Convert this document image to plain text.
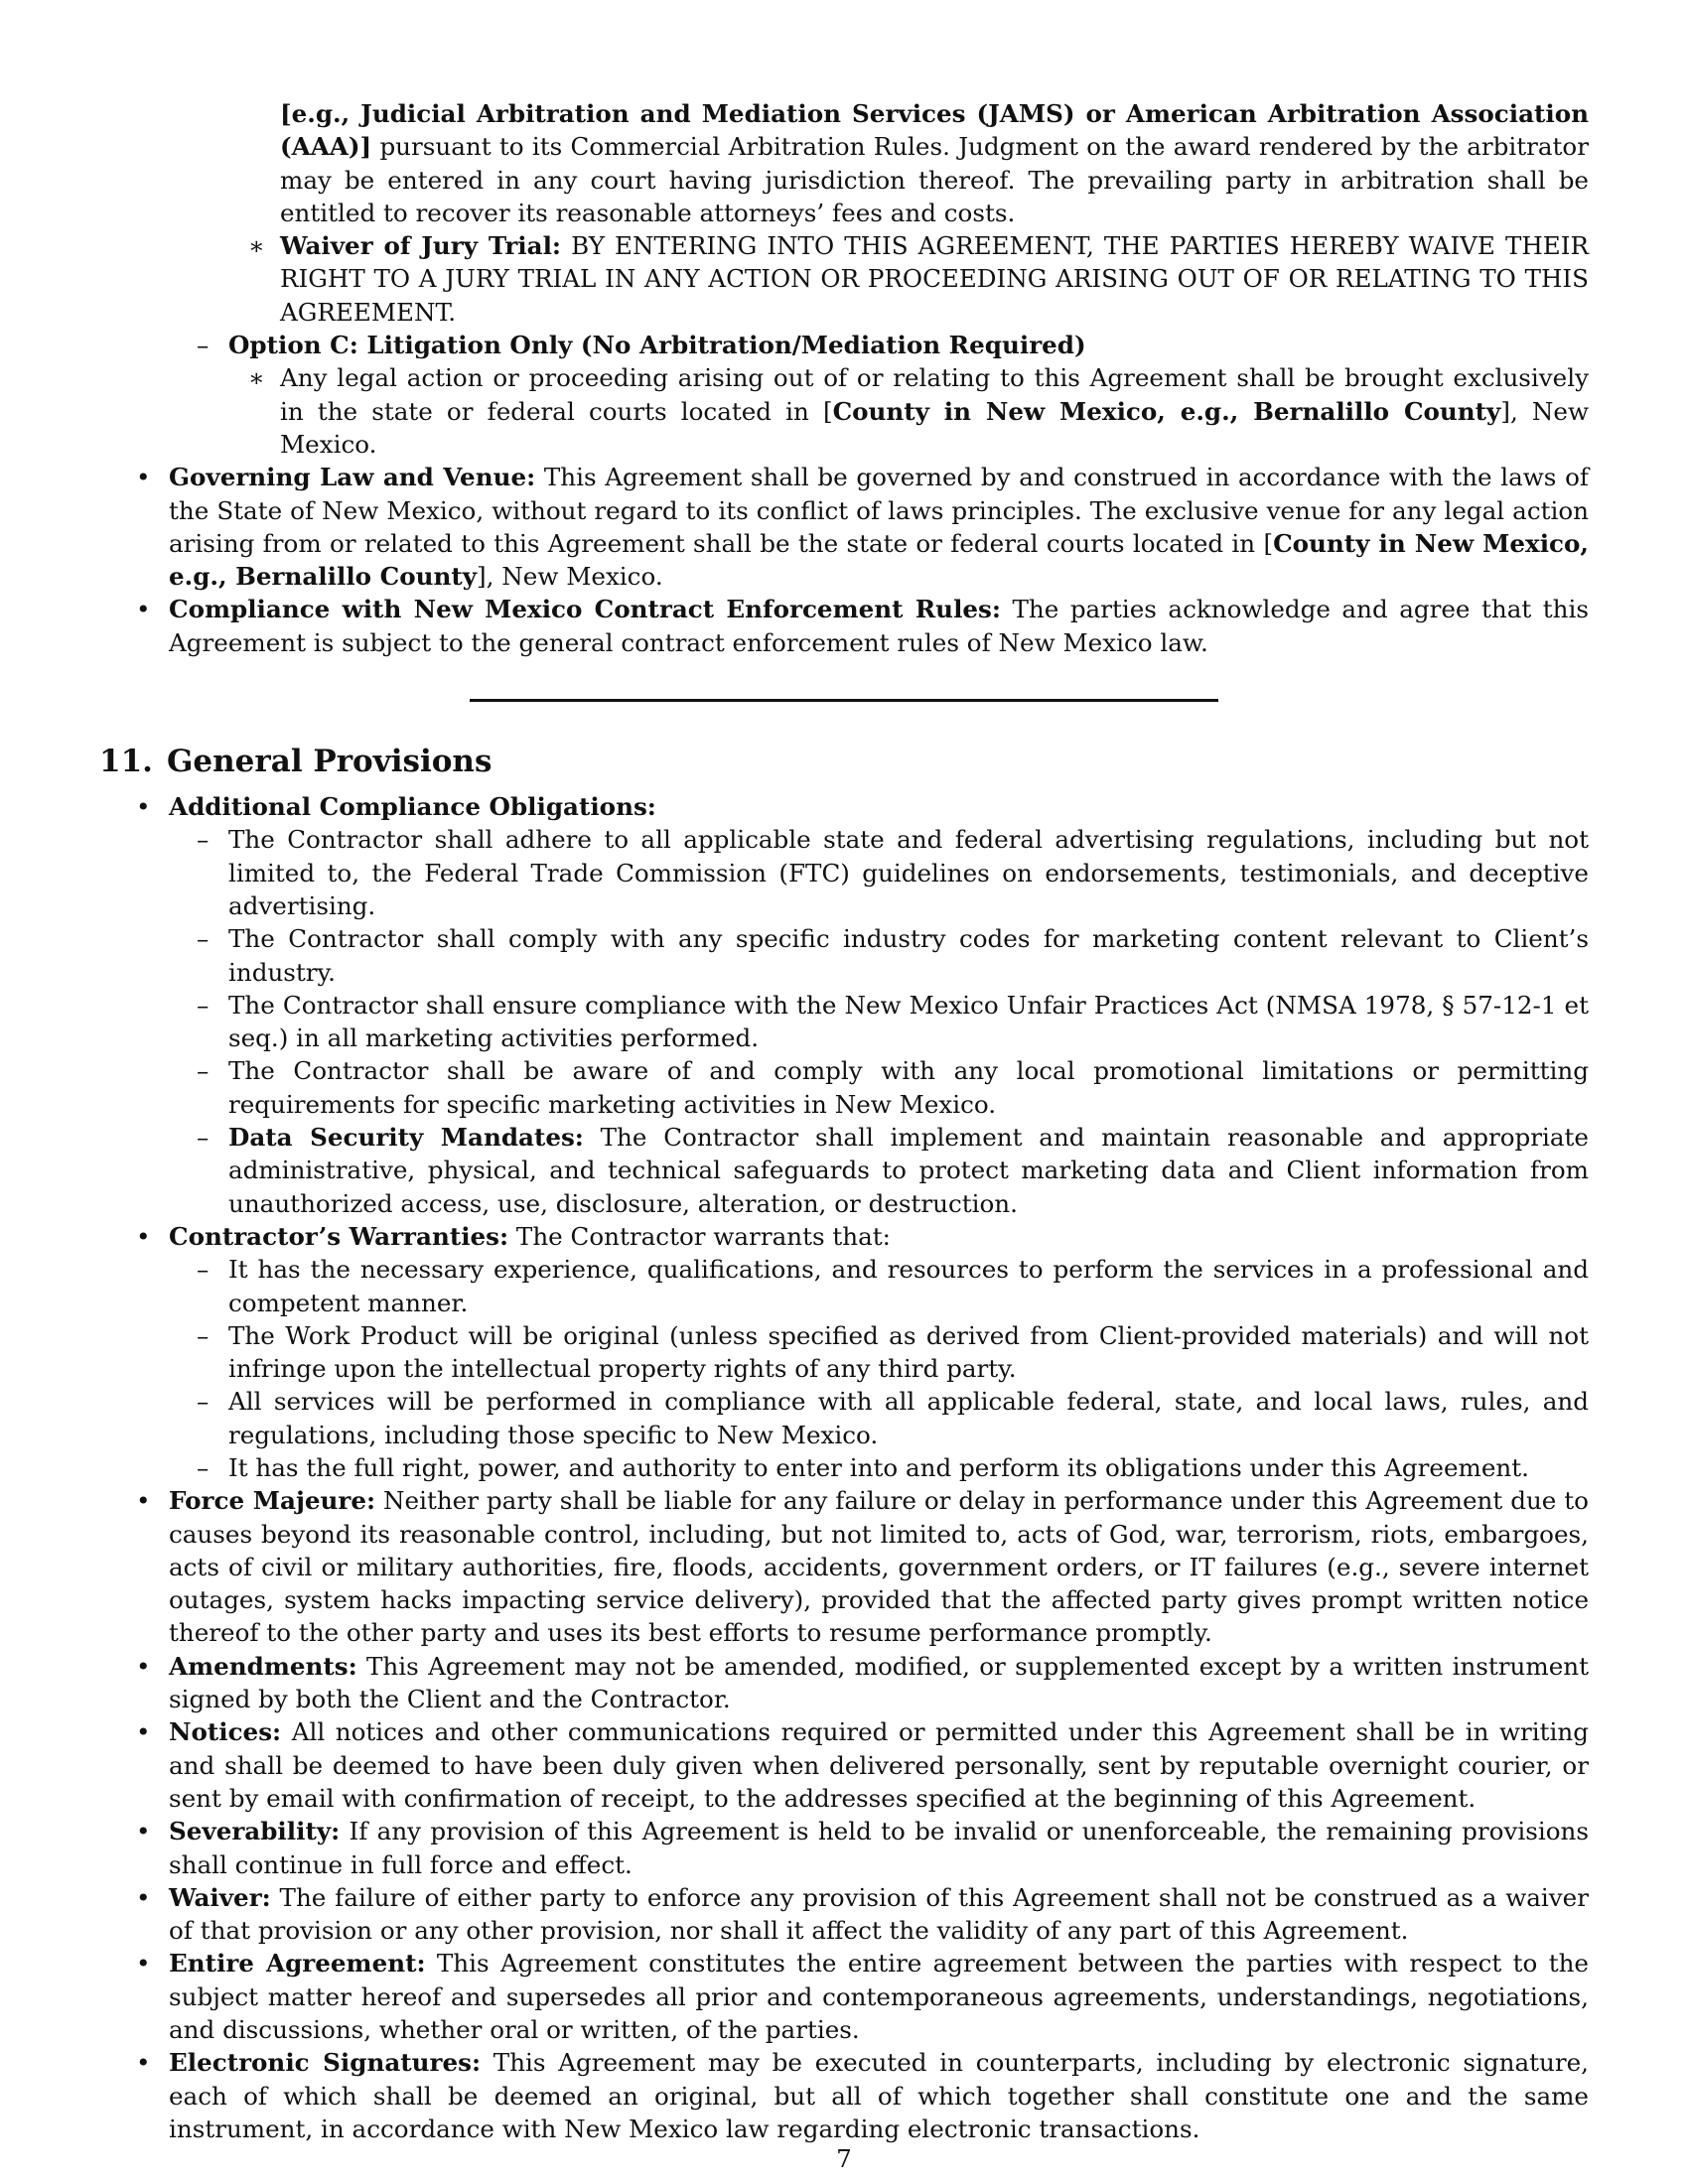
[e.g., Judicial Arbitration and Mediation Services (JAMS) or American Arbitration Association (AAA)] pursuant to its Commercial Arbitration Rules. Judgment on the award rendered by the arbitrator may be entered in any court having jurisdiction thereof. The prevailing party in arbitration shall be entitled to recover its reasonable attorneys’ fees and costs.
∗ Waiver of Jury Trial: BY ENTERING INTO THIS AGREEMENT, THE PARTIES HEREBY WAIVE THEIR RIGHT TO A JURY TRIAL IN ANY ACTION OR PROCEEDING ARISING OUT OF OR RELATING TO THIS AGREEMENT.
– Option C: Litigation Only (No Arbitration/Mediation Required)
∗ Any legal action or proceeding arising out of or relating to this Agreement shall be brought exclusively in the state or federal courts located in [County in New Mexico, e.g., Bernalillo County], New Mexico.
• Governing Law and Venue: This Agreement shall be governed by and construed in accordance with the laws of the State of New Mexico, without regard to its conflict of laws principles. The exclusive venue for any legal action arising from or related to this Agreement shall be the state or federal courts located in [County in New Mexico, e.g., Bernalillo County], New Mexico.
• Compliance with New Mexico Contract Enforcement Rules: The parties acknowledge and agree that this Agreement is subject to the general contract enforcement rules of New Mexico law.
11. General Provisions
• Additional Compliance Obligations:
– The Contractor shall adhere to all applicable state and federal advertising regulations, including but not limited to, the Federal Trade Commission (FTC) guidelines on endorsements, testimonials, and deceptive advertising.
– The Contractor shall comply with any specific industry codes for marketing content relevant to Client’s industry.
– The Contractor shall ensure compliance with the New Mexico Unfair Practices Act (NMSA 1978, § 57-12-1 et seq.) in all marketing activities performed.
– The Contractor shall be aware of and comply with any local promotional limitations or permitting requirements for specific marketing activities in New Mexico.
– Data Security Mandates: The Contractor shall implement and maintain reasonable and appropriate administrative, physical, and technical safeguards to protect marketing data and Client information from unauthorized access, use, disclosure, alteration, or destruction.
• Contractor’s Warranties: The Contractor warrants that:
– It has the necessary experience, qualifications, and resources to perform the services in a professional and competent manner.
– The Work Product will be original (unless specified as derived from Client-provided materials) and will not infringe upon the intellectual property rights of any third party.
– All services will be performed in compliance with all applicable federal, state, and local laws, rules, and regulations, including those specific to New Mexico.
– It has the full right, power, and authority to enter into and perform its obligations under this Agreement.
• Force Majeure: Neither party shall be liable for any failure or delay in performance under this Agreement due to causes beyond its reasonable control, including, but not limited to, acts of God, war, terrorism, riots, embargoes, acts of civil or military authorities, fire, floods, accidents, government orders, or IT failures (e.g., severe internet outages, system hacks impacting service delivery), provided that the affected party gives prompt written notice thereof to the other party and uses its best efforts to resume performance promptly.
• Amendments: This Agreement may not be amended, modified, or supplemented except by a written instrument signed by both the Client and the Contractor.
• Notices: All notices and other communications required or permitted under this Agreement shall be in writing and shall be deemed to have been duly given when delivered personally, sent by reputable overnight courier, or sent by email with confirmation of receipt, to the addresses specified at the beginning of this Agreement.
• Severability: If any provision of this Agreement is held to be invalid or unenforceable, the remaining provisions shall continue in full force and effect.
• Waiver: The failure of either party to enforce any provision of this Agreement shall not be construed as a waiver of that provision or any other provision, nor shall it affect the validity of any part of this Agreement.
• Entire Agreement: This Agreement constitutes the entire agreement between the parties with respect to the subject matter hereof and supersedes all prior and contemporaneous agreements, understandings, negotiations, and discussions, whether oral or written, of the parties.
• Electronic Signatures: This Agreement may be executed in counterparts, including by electronic signature, each of which shall be deemed an original, but all of which together shall constitute one and the same instrument, in accordance with New Mexico law regarding electronic transactions.
7
